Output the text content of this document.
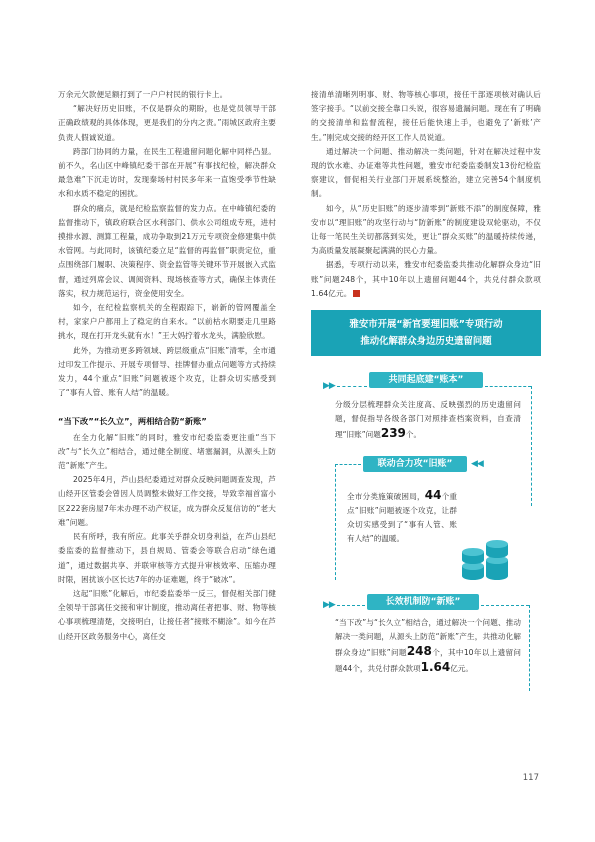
万余元欠款便足额打到了一户户村民的银行卡上。

“解决好历史旧账，不仅是群众的期盼，也是党员领导干部正确政绩观的具体体现，更是我们的分内之责。”雨城区政府主要负责人假诚说道。

跨部门协同的力量，在民生工程遗留问题化解中同样凸显。前不久，名山区中峰镇纪委干部在开展“有事找纪检，解决群众最急难”下沉走访时，发现秦场村村民多年来一直饱受季节性缺水和水质不稳定的困扰。

群众的痛点，就是纪检监察监督的发力点。在中峰镇纪委的监督推动下，镇政府联合区水利部门、供水公司组成专班，进村摸排水源、测算工程量，成功争取到21万元专项资金修建集中供水管网。与此同时，该镇纪委立足“监督的再监督”职责定位，重点围绕部门履职、决策程序、资金监管等关键环节开展嵌入式监督，通过列席会议、调阅资料、现场核查等方式，确保主体责任落实，权力规范运行，资金使用安全。

如今，在纪检监察机关的全程跟踪下，崭新的管网覆盖全村，家家户户都用上了稳定的自来水。“以前枯水期要走几里路挑水，现在打开龙头就有水！”王大妈拧着水龙头，满脸欣慰。

此外，为推动更多跨领域、跨层级重点“旧账”清零，全市通过印发工作提示、开展专项督导、挂牌督办重点问题等方式持续发力，44个重点“旧账”问题被逐个攻克，让群众切实感受到了“事有人管、账有人结”的温暖。

“当下改”“长久立”，两相结合防“新账”

在全力化解“旧账”的同时，雅安市纪委监委更注重“当下改”与“长久立”相结合，通过健全制度、堵塞漏洞，从源头上防范“新账”产生。

2025年4月，芦山县纪委通过对群众反映问题调查发现，芦山经开区管委会曾因人员调整未做好工作交接，导致幸福首富小区222套房屋7年未办理不动产权证，成为群众反复信访的“老大难”问题。

民有所呼，我有所应。此事关乎群众切身利益，在芦山县纪委监委的监督推动下，县自规局、管委会等联合启动“绿色通道”，通过数据共享、并联审核等方式提升审核效率、压缩办理时限，困扰该小区长达7年的办证难题，终于“破冰”。

这起“旧账”化解后，市纪委监委举一反三，督促相关部门健全领导干部离任交接和审计制度，推动离任者把事、财、物等核心事项梳理清楚，交接明白，让接任者“接账不糊涂”。如今在芦山经开区政务服务中心，离任交

接清单清晰列明事、财、物等核心事项，接任干部逐项核对确认后签字接手。“以前交接全靠口头说，很容易遗漏问题。现在有了明确的交接清单和监督流程，接任后能快速上手，也避免了‘新账’产生。”刚完成交接的经开区工作人员说道。

通过解决一个问题、推动解决一类问题，针对在解决过程中发现的饮水难、办证难等共性问题，雅安市纪委监委制发13份纪检监察建议，督促相关行业部门开展系统整治，建立完善54个制度机制。

如今，从“历史旧账”的逐步清零到“新账不添”的制度保障，雅安市以“理旧账”的攻坚行动与“防新账”的制度建设双轮驱动，不仅让每一笔民生关切都落到实处，更让“群众买账”的温暖持续传递，为高质量发展凝聚起满满的民心力量。

据悉，专项行动以来，雅安市纪委监委共推动化解群众身边“旧账”问题248个，其中10年以上遗留问题44个，共兑付群众款项1.64亿元。

雅安市开展“新官要理旧账”专项行动
推动化解群众身边历史遗留问题
共同起底建“账本”
▶▶
分级分层梳理群众关注度高、反映强烈的历史遗留问题，督促指导各级各部门对照排查档案资料，自查清理“旧账”问题239个。
联动合力攻“旧账”	◀◀
全市分类施策破困局，44个重点“旧账”问题被逐个攻克，让群众切实感受到了“事有人管、账有人结”的温暖。
长效机制防“新账”
▶▶
“当下改”与“长久立”相结合，通过解决一个问题、推动解决一类问题，从源头上防范“新账”产生，共推动化解群众身边“旧账”问题248个，其中10年以上遗留问题44个，共兑付群众款项1.64亿元。
117
